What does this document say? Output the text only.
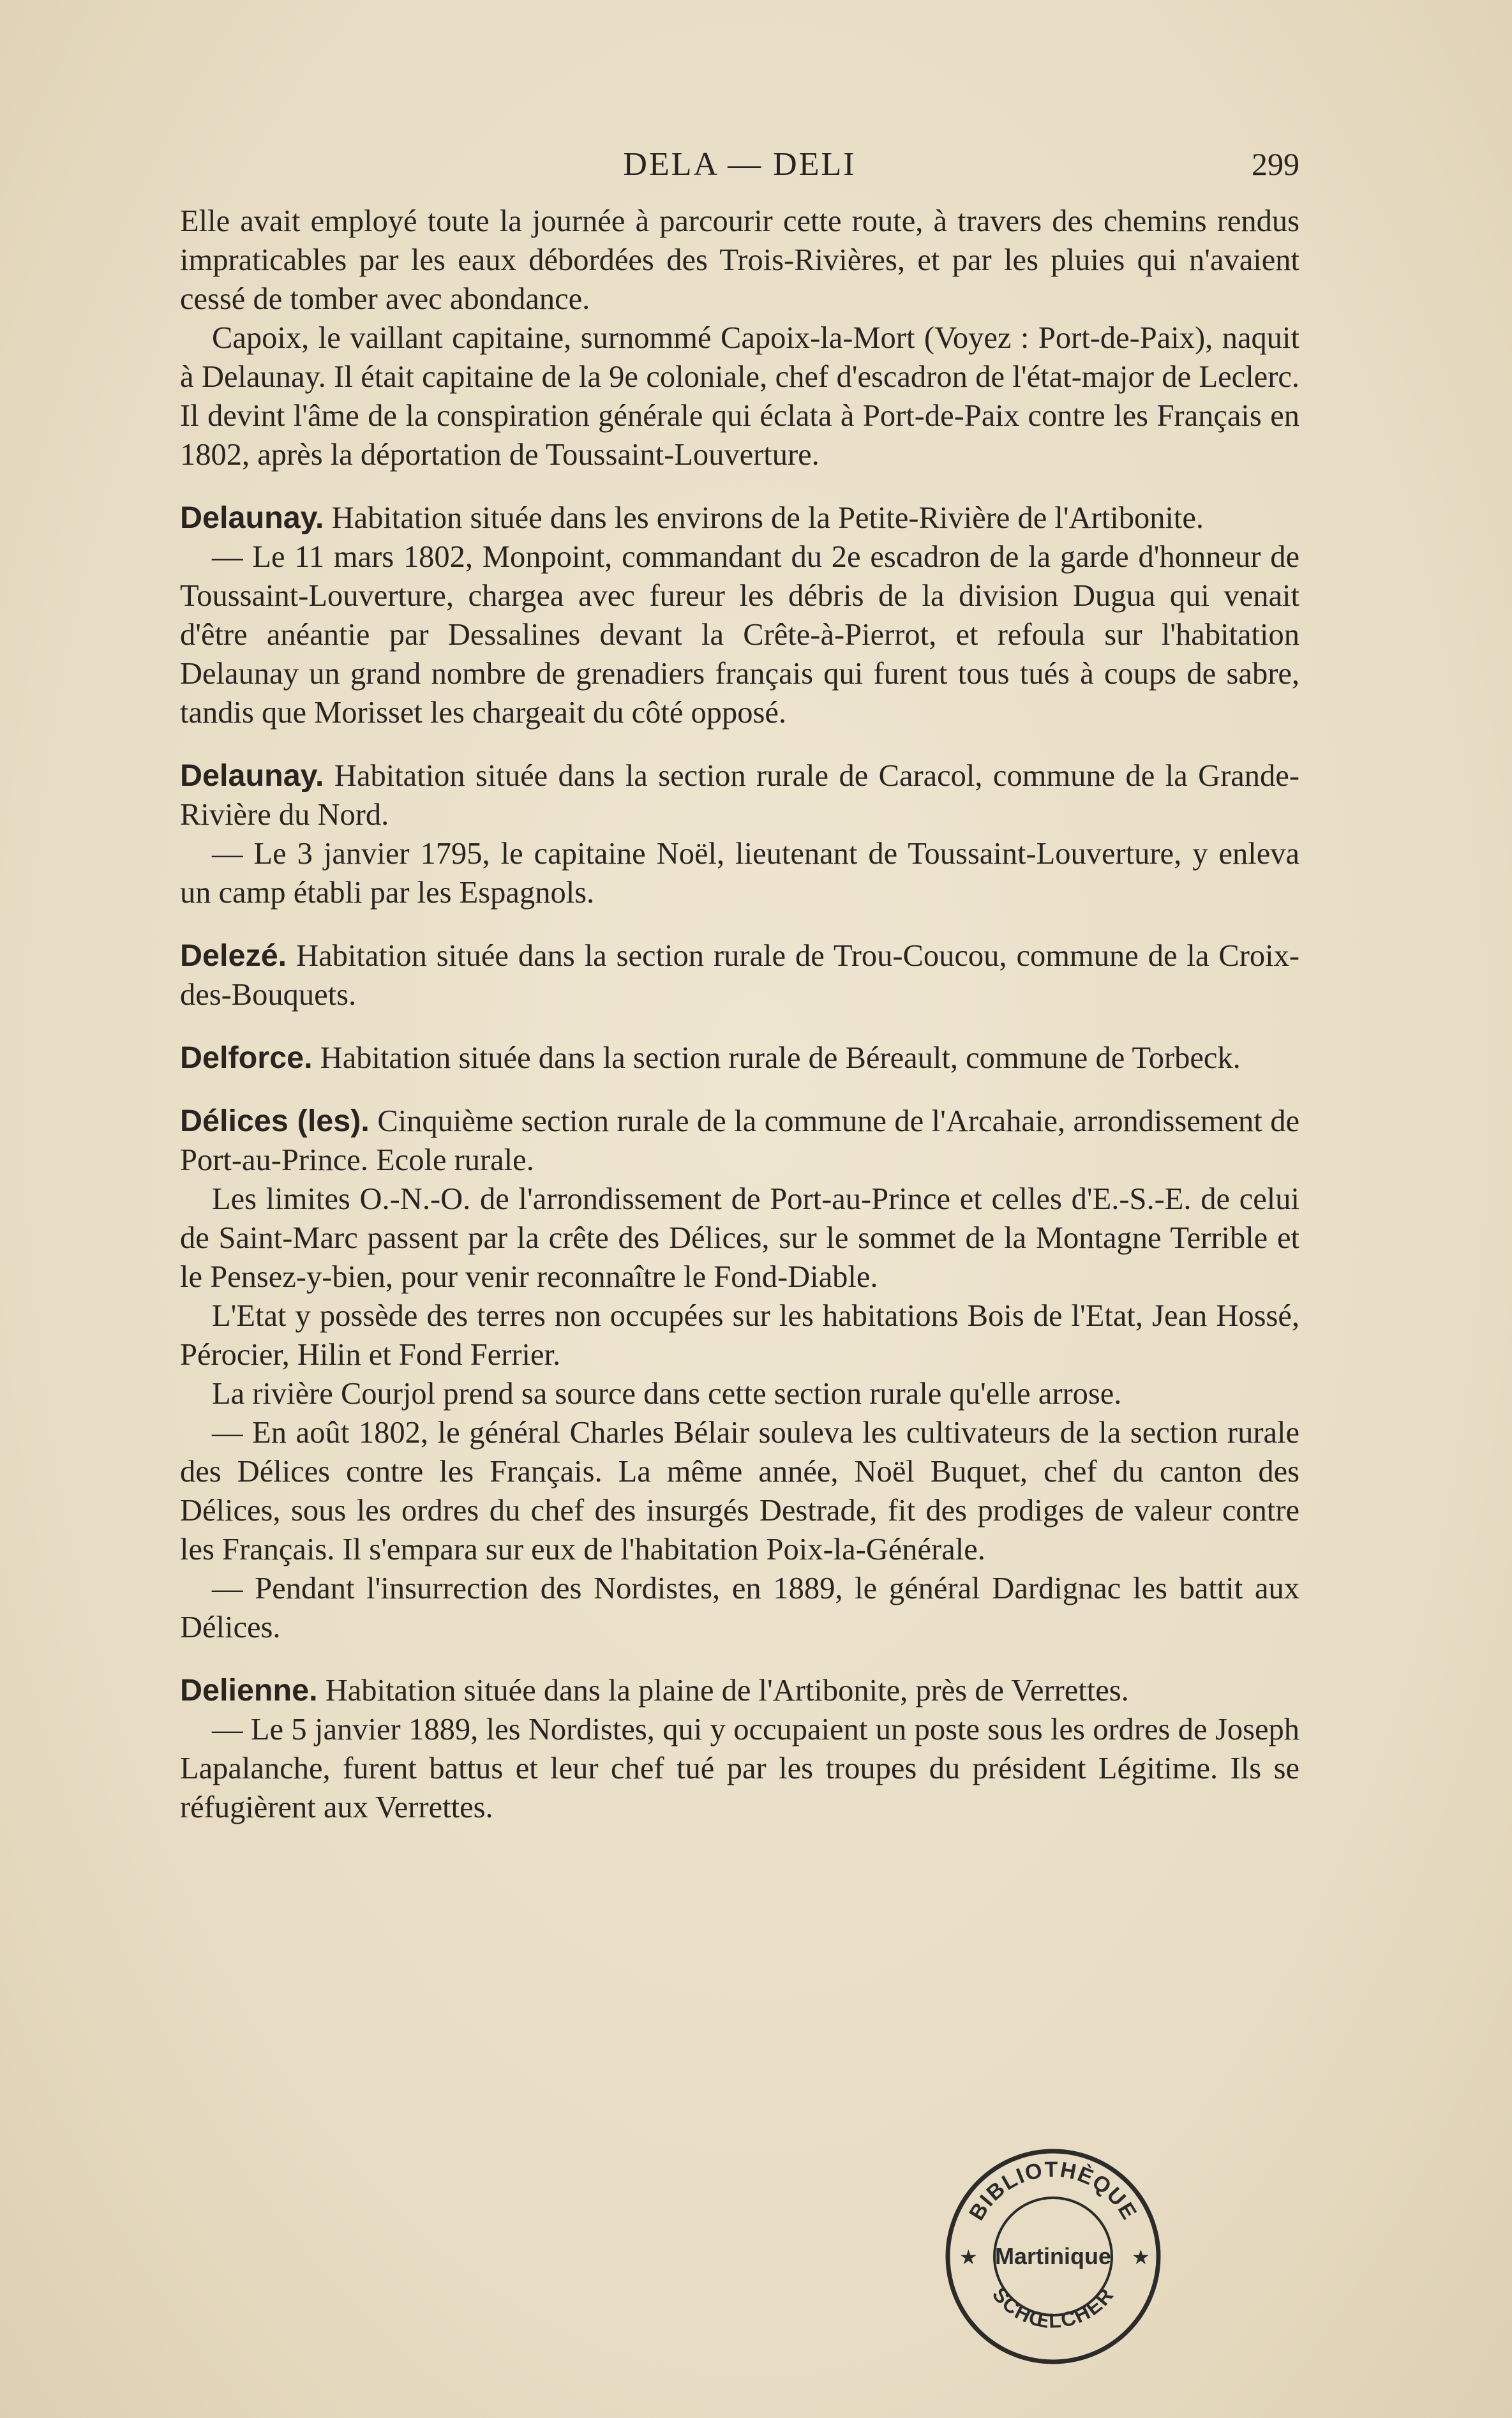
DELA — DELI	299

Elle avait employé toute la journée à parcourir cette route, à travers des chemins rendus impraticables par les eaux débordées des Trois-Rivières, et par les pluies qui n'avaient cessé de tomber avec abondance.

Capoix, le vaillant capitaine, surnommé Capoix-la-Mort (Voyez : Port-de-Paix), naquit à Delaunay. Il était capitaine de la 9e coloniale, chef d'escadron de l'état-major de Leclerc. Il devint l'âme de la conspiration générale qui éclata à Port-de-Paix contre les Français en 1802, après la déportation de Toussaint-Louverture.

Delaunay. Habitation située dans les environs de la Petite-Rivière de l'Artibonite.

— Le 11 mars 1802, Monpoint, commandant du 2e escadron de la garde d'honneur de Toussaint-Louverture, chargea avec fureur les débris de la division Dugua qui venait d'être anéantie par Dessalines devant la Crête-à-Pierrot, et refoula sur l'habitation Delaunay un grand nombre de grenadiers français qui furent tous tués à coups de sabre, tandis que Morisset les chargeait du côté opposé.

Delaunay. Habitation située dans la section rurale de Caracol, commune de la Grande-Rivière du Nord.

— Le 3 janvier 1795, le capitaine Noël, lieutenant de Toussaint-Louverture, y enleva un camp établi par les Espagnols.

Delezé. Habitation située dans la section rurale de Trou-Coucou, commune de la Croix-des-Bouquets.

Delforce. Habitation située dans la section rurale de Béreault, commune de Torbeck.

Délices (les). Cinquième section rurale de la commune de l'Arcahaie, arrondissement de Port-au-Prince. Ecole rurale.

Les limites O.-N.-O. de l'arrondissement de Port-au-Prince et celles d'E.-S.-E. de celui de Saint-Marc passent par la crête des Délices, sur le sommet de la Montagne Terrible et le Pensez-y-bien, pour venir reconnaître le Fond-Diable.

L'Etat y possède des terres non occupées sur les habitations Bois de l'Etat, Jean Hossé, Pérocier, Hilin et Fond Ferrier.

La rivière Courjol prend sa source dans cette section rurale qu'elle arrose.

— En août 1802, le général Charles Bélair souleva les cultivateurs de la section rurale des Délices contre les Français. La même année, Noël Buquet, chef du canton des Délices, sous les ordres du chef des insurgés Destrade, fit des prodiges de valeur contre les Français. Il s'empara sur eux de l'habitation Poix-la-Générale.

— Pendant l'insurrection des Nordistes, en 1889, le général Dardignac les battit aux Délices.

Delienne. Habitation située dans la plaine de l'Artibonite, près de Verrettes.

— Le 5 janvier 1889, les Nordistes, qui y occupaient un poste sous les ordres de Joseph Lapalanche, furent battus et leur chef tué par les troupes du président Légitime. Ils se réfugièrent aux Verrettes.

BIBLIOTHÈQUE
Martinique
SCHŒLCHER
★	★
